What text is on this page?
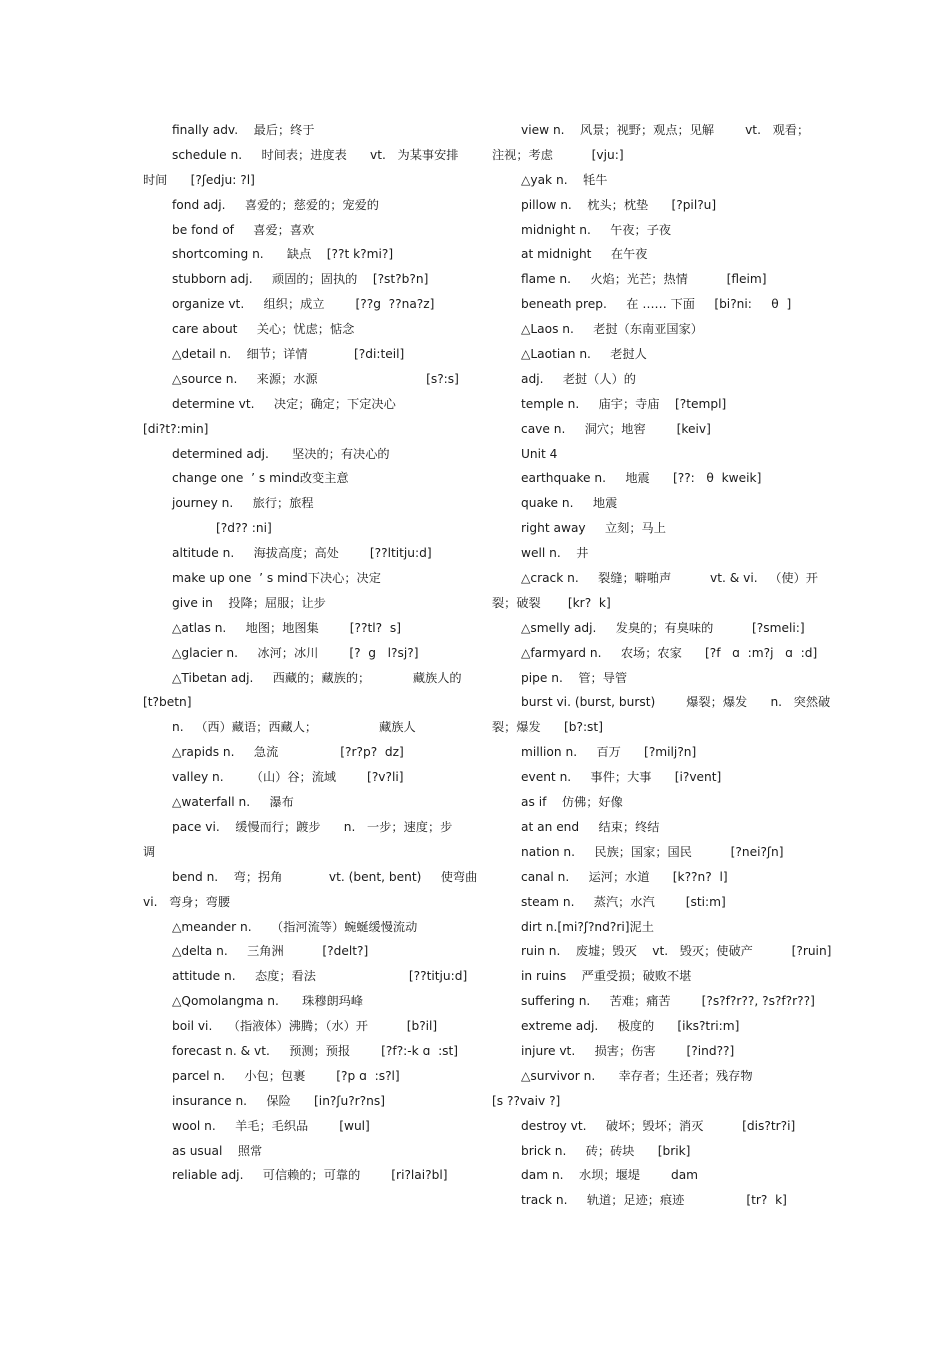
finally adv.    最后；终于
schedule n.     时间表；进度表      vt.   为某事安排
时间      [?ʃedju: ?l]
fond adj.     喜爱的；慈爱的；宠爱的
be fond of     喜爱；喜欢
shortcoming n.      缺点    [??t k?mi?]
stubborn adj.     顽固的；固执的    [?st?b?n]
organize vt.     组织；成立        [??g  ??na?z]
care about     关心；忧虑；惦念
△detail n.    细节；详情            [?di:teil]
△source n.     来源；水源                            [s?:s]
determine vt.     决定；确定；下定决心
[di?t?:min]
determined adj.      坚决的；有决心的
change one  ’ s mind改变主意
journey n.     旅行；旅程
[?d?? :ni]
altitude n.     海拔高度；高处        [??ltitju:d]
make up one  ’ s mind下决心；决定
give in    投降；屈服；让步
△atlas n.     地图；地图集        [??tl?  s]
△glacier n.     冰河；冰川        [?  g   l?sj?]
△Tibetan adj.     西藏的；藏族的；           藏族人的
[t?betn]
n.   （西）藏语；西藏人；                藏族人
△rapids n.     急流                [?r?p?  dz]
valley n.       （山）谷；流域        [?v?li]
△waterfall n.     瀑布
pace vi.    缓慢而行；踱步      n.   一步；速度；步
调
bend n.    弯；拐角            vt. (bent, bent)     使弯曲
vi.   弯身；弯腰
△meander n.     （指河流等）蜿蜒缓慢流动
△delta n.     三角洲          [?delt?]
attitude n.     态度；看法                        [??titju:d]
△Qomolangma n.      珠穆朗玛峰
boil vi.    （指液体）沸腾；（水）开          [b?il]
forecast n. & vt.     预测；预报        [?f?:-k ɑ  :st]
parcel n.     小包；包裹        [?p ɑ  :s?l]
insurance n.     保险      [in?ʃu?r?ns]
wool n.     羊毛；毛织品        [wul]
as usual    照常
reliable adj.     可信赖的；可靠的        [ri?lai?bl]
view n.    风景；视野；观点；见解        vt.   观看；
注视；考虑          [vju:]
△yak n.    牦牛
pillow n.    枕头；枕垫      [?pil?u]
midnight n.     午夜；子夜
at midnight     在午夜
flame n.     火焰；光芒；热情          [fleim]
beneath prep.     在 …… 下面     [bi?ni:     θ  ]
△Laos n.     老挝（东南亚国家）
△Laotian n.     老挝人
adj.     老挝（人）的
temple n.     庙宇；寺庙    [?templ]
cave n.     洞穴；地窖        [keiv]
Unit 4
earthquake n.     地震      [??:   θ  kweik]
quake n.     地震
right away     立刻；马上
well n.    井
△crack n.     裂缝；噼啪声          vt. & vi.   （使）开
裂；破裂       [kr?  k]
△smelly adj.     发臭的；有臭味的          [?smeli:]
△farmyard n.     农场；农家      [?f   ɑ  :m?j   ɑ  :d]
pipe n.    管；导管
burst vi. (burst, burst)        爆裂；爆发      n.   突然破
裂；爆发      [b?:st]
million n.     百万      [?milj?n]
event n.     事件；大事      [i?vent]
as if    仿佛；好像
at an end     结束；终结
nation n.     民族；国家；国民          [?nei?ʃn]
canal n.     运河；水道      [k??n?  l]
steam n.     蒸汽；水汽        [sti:m]
dirt n.[mi?ʃ?nd?ri]泥土
ruin n.    废墟；毁灭    vt.   毁灭；使破产          [?ruin]
in ruins    严重受损；破败不堪
suffering n.     苦难；痛苦        [?s?f?r??, ?s?f?r??]
extreme adj.     极度的      [iks?tri:m]
injure vt.     损害；伤害        [?ind??]
△survivor n.      幸存者；生还者；残存物
[s ??vaiv ?]
destroy vt.     破坏；毁坏；消灭          [dis?tr?i]
brick n.     砖；砖块      [brik]
dam n.    水坝；堰堤        dam
track n.     轨道；足迹；痕迹                [tr?  k]
